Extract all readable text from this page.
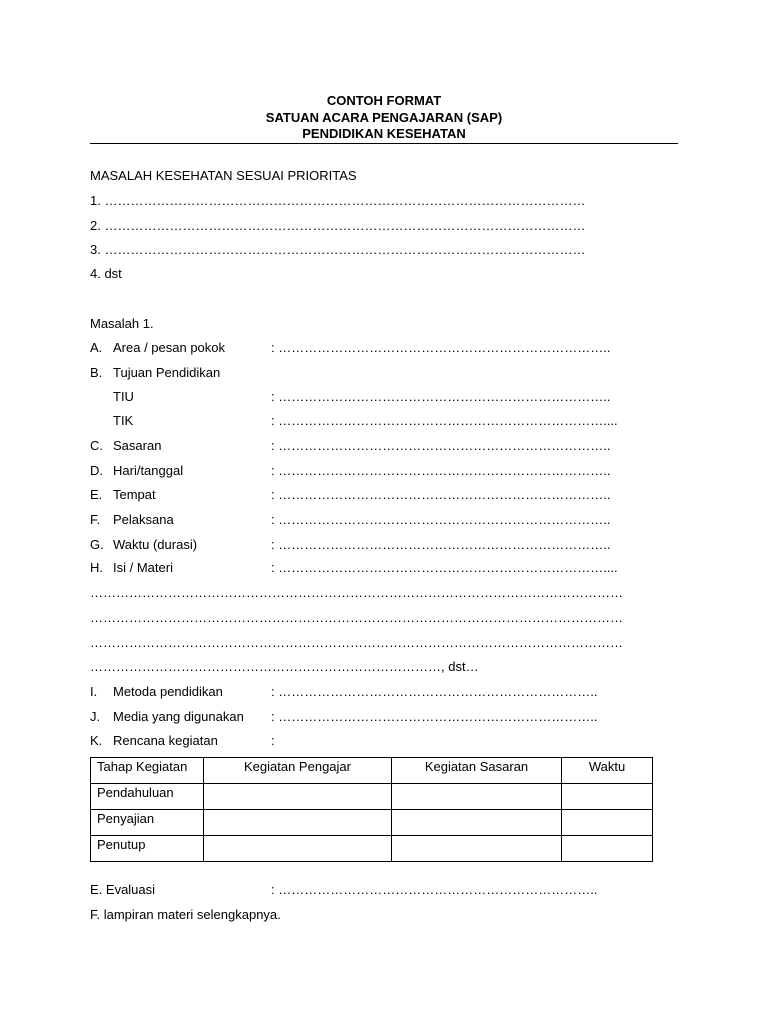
CONTOH FORMAT
SATUAN ACARA PENGAJARAN (SAP)
PENDIDIKAN KESEHATAN
MASALAH KESEHATAN SESUAI PRIORITAS
1. …………………………………………………………………………………………………
2. …………………………………………………………………………………………………
3. …………………………………………………………………………………………………
4. dst
Masalah 1.
A. Area / pesan pokok	: …………………………………………………………………..
B. Tujuan Pendidikan
TIU	: …………………………………………………………………..
TIK	: …………………………………………………………………....
C. Sasaran	: …………………………………………………………………..
D. Hari/tanggal	: …………………………………………………………………..
E. Tempat	: …………………………………………………………………..
F. Pelaksana	: …………………………………………………………………..
G. Waktu (durasi)	: …………………………………………………………………..
H. Isi / Materi	: …………………………………………………………………....
……………………………………………………………………………………………………………
……………………………………………………………………………………………………………
……………………………………………………………………………………………………………
………………………………………………………………………, dst…
I. Metoda pendidikan	: ………………………………………………………………..
J. Media yang digunakan : ………………………………………………………………..
K. Rencana kegiatan	:
Tahap Kegiatan	Kegiatan Pengajar	Kegiatan Sasaran	Waktu
Pendahuluan			
Penyajian			
Penutup			
E. Evaluasi	: ………………………………………………………………..
F. lampiran materi selengkapnya.
